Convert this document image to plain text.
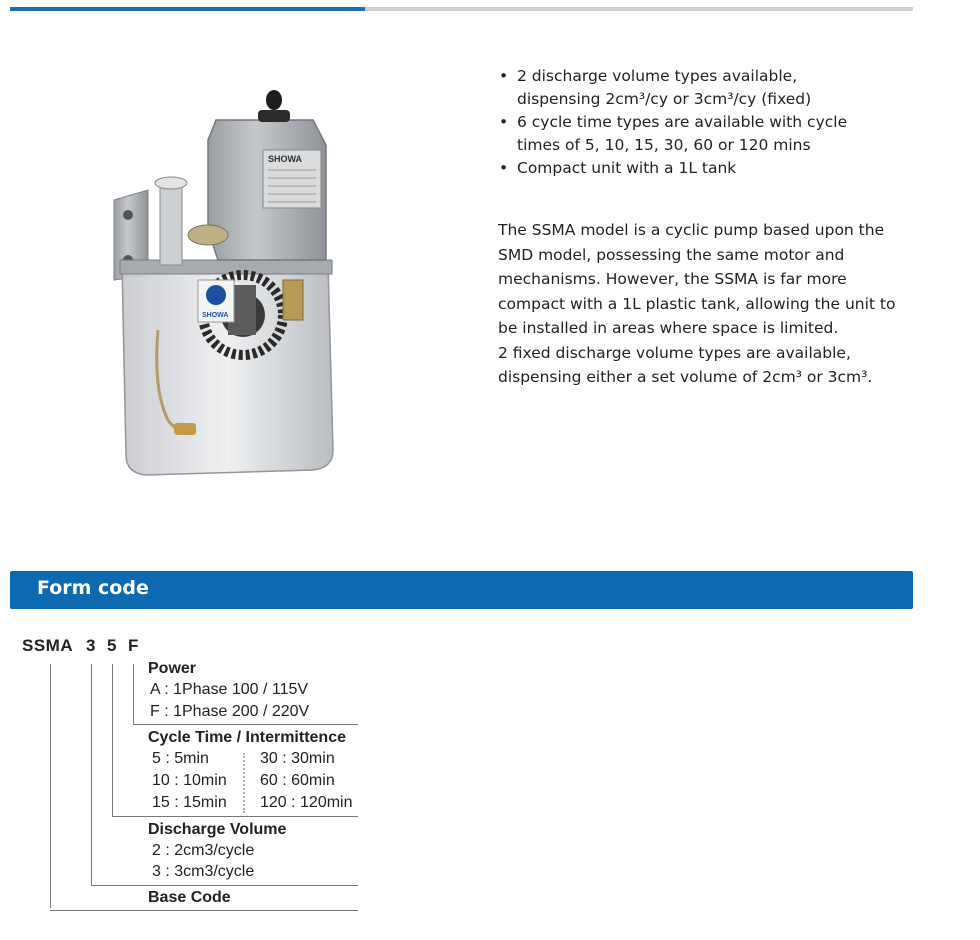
SHOWA
SHOWA
• 2 discharge volume types available,
dispensing 2cm³/cy or 3cm³/cy (fixed)
• 6 cycle time types are available with cycle
times of 5, 10, 15, 30, 60 or 120 mins
• Compact unit with a 1L tank

The SSMA model is a cyclic pump based upon the SMD model, possessing the same motor and mechanisms. However, the SSMA is far more compact with a 1L plastic tank, allowing the unit to be installed in areas where space is limited.

2 fixed discharge volume types are available, dispensing either a set volume of 2cm³ or 3cm³.

Form code
SSMA 3 5 F
Power
A : 1Phase 100 / 115V
F : 1Phase 200 / 220V
Cycle Time / Intermittence
5 : 5min
10 : 10min
15 : 15min
30 : 30min
60 : 60min
120 : 120min
Discharge Volume
2 : 2cm3/cycle
3 : 3cm3/cycle
Base Code
